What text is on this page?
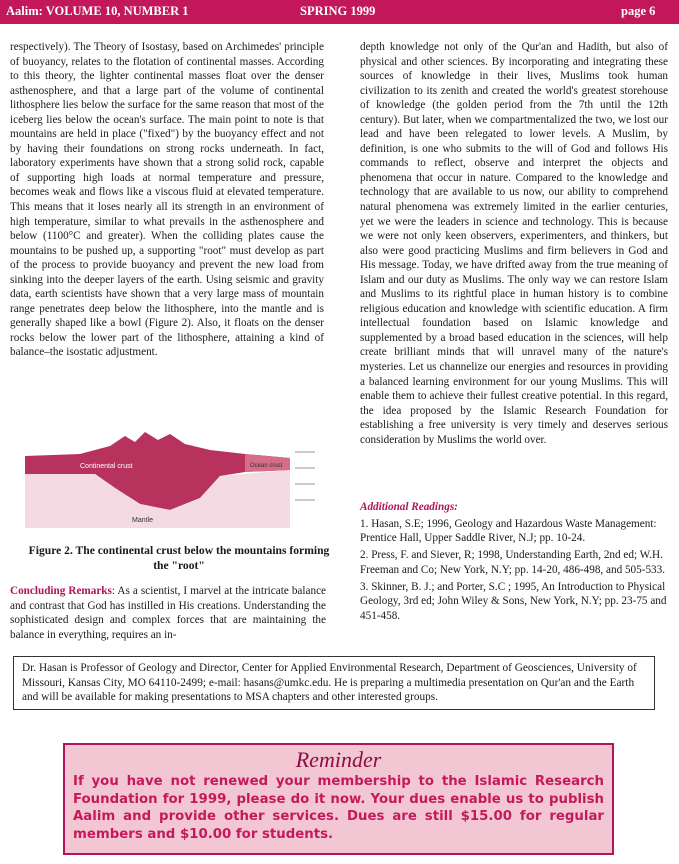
Aalim: VOLUME 10, NUMBER 1	SPRING 1999	page 6

respectively). The Theory of Isostasy, based on Archimedes' principle of buoyancy, relates to the flotation of continental masses. According to this theory, the lighter continental masses float over the denser asthenosphere, and that a large part of the volume of continental lithosphere lies below the surface for the same reason that most of the iceberg lies below the ocean's surface. The main point to note is that mountains are held in place ("fixed") by the buoyancy effect and not by having their foundations on strong rocks underneath. In fact, laboratory experiments have shown that a strong solid rock, capable of supporting high loads at normal temperature and pressure, becomes weak and flows like a viscous fluid at elevated temperature. This means that it loses nearly all its strength in an environment of high temperature, similar to what prevails in the asthenosphere and below (1100°C and greater). When the colliding plates cause the mountains to be pushed up, a supporting "root" must develop as part of the process to provide buoyancy and prevent the new load from sinking into the deeper layers of the earth. Using seismic and gravity data, earth scientists have shown that a very large mass of mountain range penetrates deep below the lithosphere, into the mantle and is generally shaped like a bowl (Figure 2). Also, it floats on the denser rocks below the lower part of the lithosphere, attaining a kind of balance–the isostatic adjustment.

Continental crust	Ocean crust
Mantle
Figure 2. The continental crust below the mountains forming the "root"
Concluding Remarks: As a scientist, I marvel at the intricate balance and contrast that God has instilled in His creations. Understanding the sophisticated design and complex forces that are maintaining the balance in everything, requires an in-

depth knowledge not only of the Qur'an and Hadith, but also of physical and other sciences. By incorporating and integrating these sources of knowledge in their lives, Muslims took human civilization to its zenith and created the world's greatest storehouse of knowledge (the golden period from the 7th until the 12th century). But later, when we compartmentalized the two, we lost our lead and have been relegated to lower levels. A Muslim, by definition, is one who submits to the will of God and follows His commands to reflect, observe and interpret the objects and phenomena that occur in nature. Compared to the knowledge and technology that are available to us now, our ability to comprehend natural phenomena was extremely limited in the earlier centuries, yet we were the leaders in science and technology. This is because we were not only keen observers, experimenters, and thinkers, but also were good practicing Muslims and firm believers in God and His message. Today, we have drifted away from the true meaning of Islam and our duty as Muslims. The only way we can restore Islam and Muslims to its rightful place in human history is to combine religious education and knowledge with scientific education. A firm intellectual foundation based on Islamic knowledge and supplemented by a broad based education in the sciences, will help create brilliant minds that will unravel many of the nature's mysteries. Let us channelize our energies and resources in providing a balanced learning environment for our young Muslims. This will enable them to achieve their fullest creative potential. In this regard, the idea proposed by the Islamic Research Foundation for establishing a free university is very timely and deserves serious consideration by Muslims the world over.

Additional Readings:
1. Hasan, S.E; 1996, Geology and Hazardous Waste Management: Prentice Hall, Upper Saddle River, N.J; pp. 10-24.
2. Press, F. and Siever, R; 1998, Understanding Earth, 2nd ed; W.H. Freeman and Co; New York, N.Y; pp. 14-20, 486-498, and 505-533.
3. Skinner, B. J.; and Porter, S.C ; 1995, An Introduction to Physical Geology, 3rd ed; John Wiley & Sons, New York, N.Y; pp. 23-75 and 451-458.
Dr. Hasan is Professor of Geology and Director, Center for Applied Environmental Research, Department of Geosciences, University of Missouri, Kansas City, MO 64110-2499; e-mail: hasans@umkc.edu. He is preparing a multimedia presentation on Qur'an and the Earth and will be available for making presentations to MSA chapters and other interested groups.
Reminder
If you have not renewed your membership to the Islamic Research Foundation for 1999, please do it now. Your dues enable us to publish Aalim and provide other services. Dues are still $15.00 for regular members and $10.00 for students.
